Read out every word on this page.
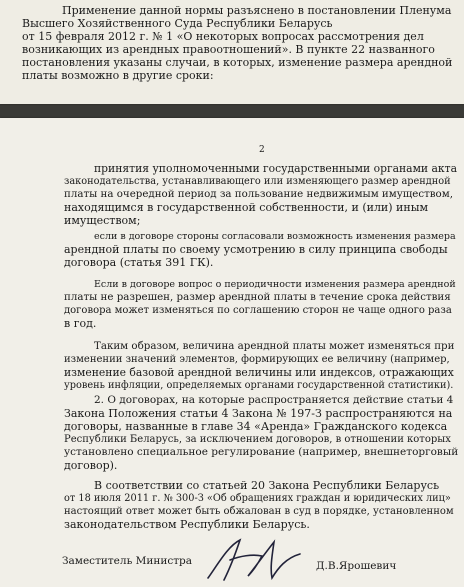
Применение данной нормы разъяснено в постановлении Пленума
Высшего Хозяйственного Суда Республики Беларусь
от 15 февраля 2012 г. № 1 «О некоторых вопросах рассмотрения дел
возникающих из арендных правоотношений». В пункте 22 названного
постановления указаны случаи, в которых, изменение размера арендной
платы возможно в другие сроки:
2
принятия уполномоченными государственными органами акта
законодательства, устанавливающего или изменяющего размер арендной
платы на очередной период за пользование недвижимым имуществом,
находящимся в государственной собственности, и (или) иным
имуществом;
если в договоре стороны согласовали возможность изменения размера
арендной платы по своему усмотрению в силу принципа свободы
договора (статья 391 ГК).
Если в договоре вопрос о периодичности изменения размера арендной
платы не разрешен, размер арендной платы в течение срока действия
договора может изменяться по соглашению сторон не чаще одного раза
в год.
Таким образом, величина арендной платы может изменяться при
изменении значений элементов, формирующих ее величину (например,
изменение базовой арендной величины или индексов, отражающих
уровень инфляции, определяемых органами государственной статистики).
2. О договорах, на которые распространяется действие статьи 4
Закона Положения статьи 4 Закона № 197-З распространяются на
договоры, названные в главе 34 «Аренда» Гражданского кодекса
Республики Беларусь, за исключением договоров, в отношении которых
установлено специальное регулирование (например, внешнеторговый
договор).
В соответствии со статьей 20 Закона Республики Беларусь
от 18 июля 2011 г. № 300-З «Об обращениях граждан и юридических лиц»
настоящий ответ может быть обжалован в суд в порядке, установленном
законодательством Республики Беларусь.
Заместитель Министра	Д.В.Ярошевич
